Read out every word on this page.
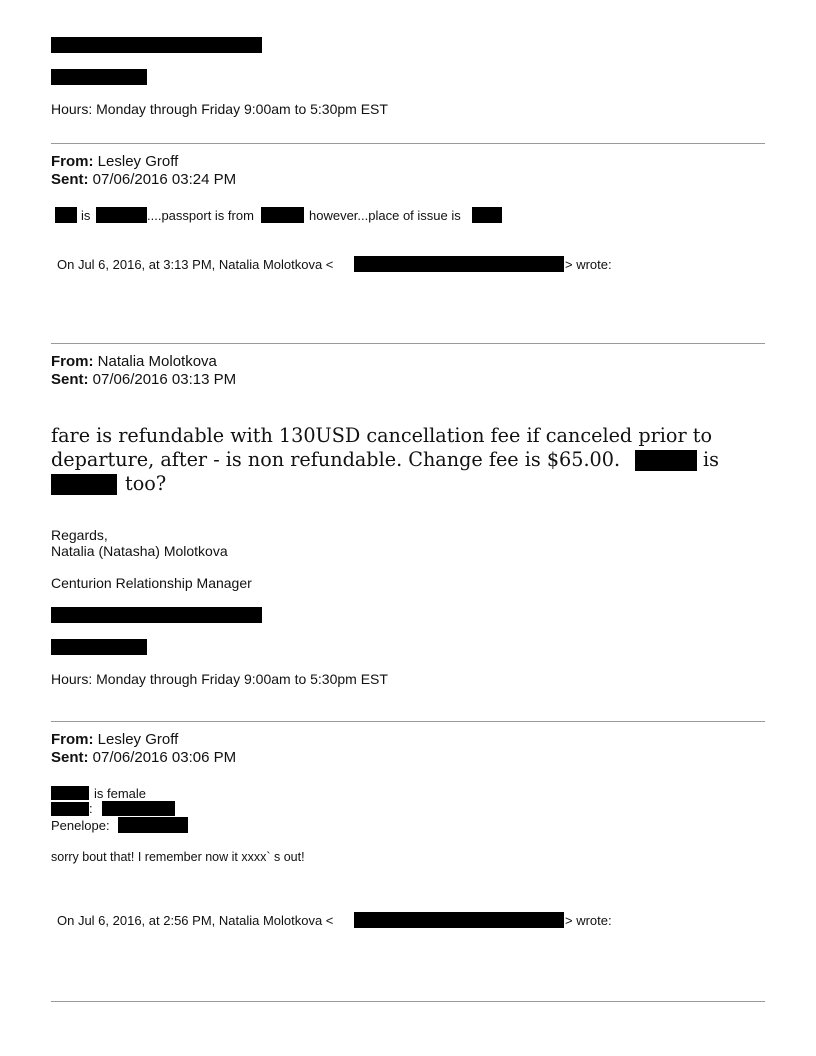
Hours: Monday through Friday 9:00am to 5:30pm EST
From: Lesley Groff
Sent: 07/06/2016 03:24 PM
is	....passport is from	however...place of issue is
On Jul 6, 2016, at 3:13 PM, Natalia Molotkova <	> wrote:
From: Natalia Molotkova
Sent: 07/06/2016 03:13 PM
fare is refundable with 130USD cancellation fee if canceled prior to
departure, after - is non refundable. Change fee is $65.00.	is
too?
Regards,
Natalia (Natasha) Molotkova
Centurion Relationship Manager
Hours: Monday through Friday 9:00am to 5:30pm EST
From: Lesley Groff
Sent: 07/06/2016 03:06 PM
is female
:
Penelope:
sorry bout that! I remember now it xxxx` s out!
On Jul 6, 2016, at 2:56 PM, Natalia Molotkova <	> wrote:
